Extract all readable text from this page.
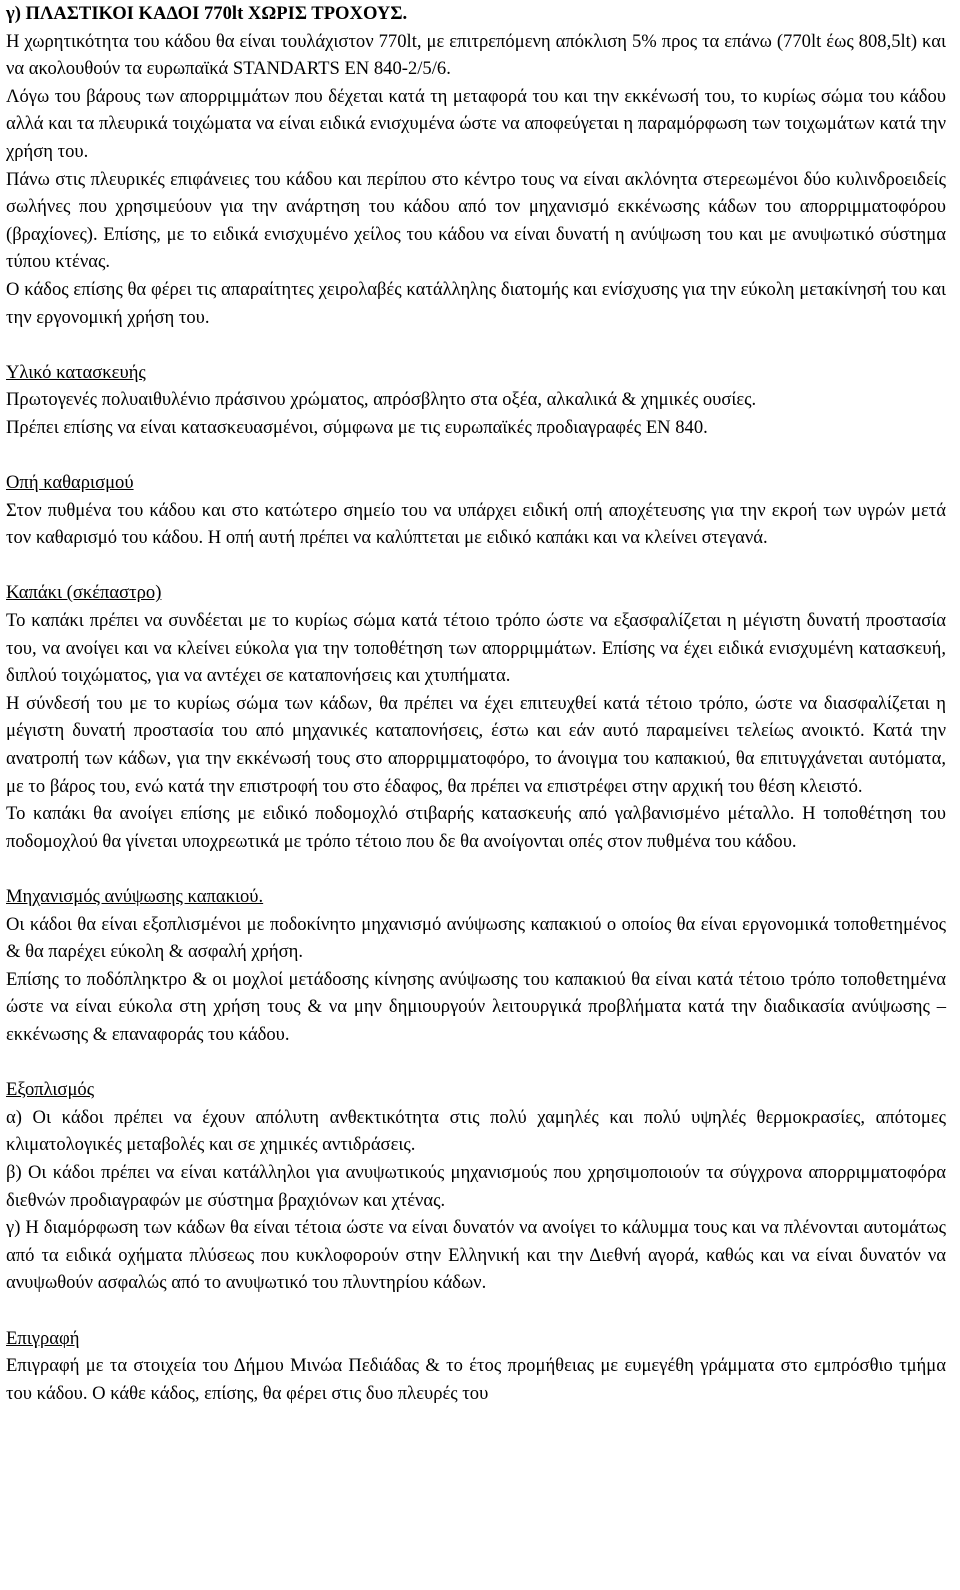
γ) ΠΛΑΣΤΙΚΟΙ ΚΑΔΟΙ 770lt ΧΩΡΙΣ ΤΡΟΧΟΥΣ.

Η χωρητικότητα του κάδου θα είναι τουλάχιστον 770lt, με επιτρεπόμενη απόκλιση 5% προς τα επάνω (770lt έως 808,5lt) και να ακολουθούν τα ευρωπαϊκά STANDARTS EN 840-2/5/6.

Λόγω του βάρους των απορριμμάτων που δέχεται κατά τη μεταφορά του και την εκκένωσή του, το κυρίως σώμα του κάδου αλλά και τα πλευρικά τοιχώματα να είναι ειδικά ενισχυμένα ώστε να αποφεύγεται η παραμόρφωση των τοιχωμάτων κατά την χρήση του.

Πάνω στις πλευρικές επιφάνειες του κάδου και περίπου στο κέντρο τους να είναι ακλόνητα στερεωμένοι δύο κυλινδροειδείς σωλήνες που χρησιμεύουν για την ανάρτηση του κάδου από τον μηχανισμό εκκένωσης κάδων του απορριμματοφόρου (βραχίονες). Επίσης, με το ειδικά ενισχυμένο χείλος του κάδου να είναι δυνατή η ανύψωση του και με ανυψωτικό σύστημα τύπου κτένας.

Ο κάδος επίσης θα φέρει τις απαραίτητες χειρολαβές κατάλληλης διατομής και ενίσχυσης για την εύκολη μετακίνησή του και την εργονομική χρήση του.

Υλικό κατασκευής

Πρωτογενές πολυαιθυλένιο πράσινου χρώματος, απρόσβλητο στα οξέα, αλκαλικά & χημικές ουσίες.

Πρέπει επίσης να είναι κατασκευασμένοι, σύμφωνα με τις ευρωπαϊκές προδιαγραφές ΕΝ 840.

Οπή καθαρισμού

Στον πυθμένα του κάδου και στο κατώτερο σημείο του να υπάρχει ειδική οπή αποχέτευσης για την εκροή των υγρών μετά τον καθαρισμό του κάδου. Η οπή αυτή πρέπει να καλύπτεται με ειδικό καπάκι και να κλείνει στεγανά.

Καπάκι (σκέπαστρο)

Το καπάκι πρέπει να συνδέεται με το κυρίως σώμα κατά τέτοιο τρόπο ώστε να εξασφαλίζεται η μέγιστη δυνατή προστασία του, να ανοίγει και να κλείνει εύκολα για την τοποθέτηση των απορριμμάτων. Επίσης να έχει ειδικά ενισχυμένη κατασκευή, διπλού τοιχώματος, για να αντέχει σε καταπονήσεις και χτυπήματα.

Η σύνδεσή του με το κυρίως σώμα των κάδων, θα πρέπει να έχει επιτευχθεί κατά τέτοιο τρόπο, ώστε να διασφαλίζεται η μέγιστη δυνατή προστασία του από μηχανικές καταπονήσεις, έστω και εάν αυτό παραμείνει τελείως ανοικτό. Κατά την ανατροπή των κάδων, για την εκκένωσή τους στο απορριμματοφόρο, το άνοιγμα του καπακιού, θα επιτυγχάνεται αυτόματα, με το βάρος του, ενώ κατά την επιστροφή του στο έδαφος, θα πρέπει να επιστρέφει στην αρχική του θέση κλειστό.

Το καπάκι θα ανοίγει επίσης με ειδικό ποδομοχλό στιβαρής κατασκευής από γαλβανισμένο μέταλλο. Η τοποθέτηση του ποδομοχλού θα γίνεται υποχρεωτικά με τρόπο τέτοιο που δε θα ανοίγονται οπές στον πυθμένα του κάδου.

Μηχανισμός ανύψωσης καπακιού.

Οι κάδοι θα είναι εξοπλισμένοι με ποδοκίνητο μηχανισμό ανύψωσης καπακιού ο οποίος θα είναι εργονομικά τοποθετημένος & θα παρέχει εύκολη & ασφαλή χρήση.

Επίσης το ποδόπληκτρο & οι μοχλοί μετάδοσης κίνησης ανύψωσης του καπακιού θα είναι κατά τέτοιο τρόπο τοποθετημένα ώστε να είναι εύκολα στη χρήση τους & να μην δημιουργούν λειτουργικά προβλήματα κατά την διαδικασία ανύψωσης – εκκένωσης & επαναφοράς του κάδου.

Εξοπλισμός

α) Οι κάδοι πρέπει να έχουν απόλυτη ανθεκτικότητα στις πολύ χαμηλές και πολύ υψηλές θερμοκρασίες, απότομες κλιματολογικές μεταβολές και σε χημικές αντιδράσεις.

β) Οι κάδοι πρέπει να είναι κατάλληλοι για ανυψωτικούς μηχανισμούς που χρησιμοποιούν τα σύγχρονα απορριμματοφόρα διεθνών προδιαγραφών με σύστημα βραχιόνων και χτένας.

γ) Η διαμόρφωση των κάδων θα είναι τέτοια ώστε να είναι δυνατόν να ανοίγει το κάλυμμα τους και να πλένονται αυτομάτως από τα ειδικά οχήματα πλύσεως που κυκλοφορούν στην Ελληνική και την Διεθνή αγορά, καθώς και να είναι δυνατόν να ανυψωθούν ασφαλώς από το ανυψωτικό του πλυντηρίου κάδων.

Επιγραφή

Επιγραφή με τα στοιχεία του Δήμου Μινώα Πεδιάδας & το έτος προμήθειας με ευμεγέθη γράμματα στο εμπρόσθιο τμήμα του κάδου. Ο κάθε κάδος, επίσης, θα φέρει στις δυο πλευρές του
